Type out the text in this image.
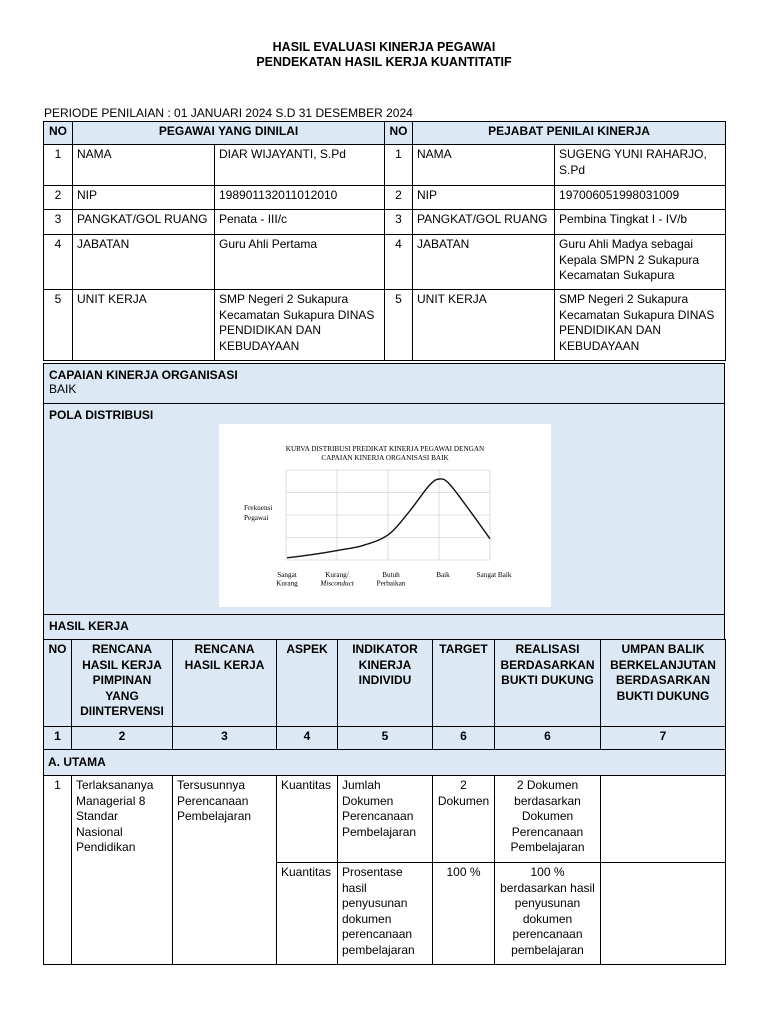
HASIL EVALUASI KINERJA PEGAWAI
PENDEKATAN HASIL KERJA KUANTITATIF
PERIODE PENILAIAN : 01 JANUARI 2024 S.D 31 DESEMBER 2024
NO	PEGAWAI YANG DINILAI		NO	PEJABAT PENILAI KINERJA	
1	NAMA	DIAR WIJAYANTI, S.Pd	1	NAMA	SUGENG YUNI RAHARJO, S.Pd
2	NIP	198901132011012010	2	NIP	197006051998031009
3	PANGKAT/GOL RUANG	Penata - III/c	3	PANGKAT/GOL RUANG	Pembina Tingkat I - IV/b
4	JABATAN	Guru Ahli Pertama	4	JABATAN	Guru Ahli Madya sebagai Kepala SMPN 2 Sukapura Kecamatan Sukapura
5	UNIT KERJA	SMP Negeri 2 Sukapura Kecamatan Sukapura DINAS PENDIDIKAN DAN KEBUDAYAAN	5	UNIT KERJA	SMP Negeri 2 Sukapura Kecamatan Sukapura DINAS PENDIDIKAN DAN KEBUDAYAAN
CAPAIAN KINERJA ORGANISASI
BAIK
POLA DISTRIBUSI
KURVA DISTRIBUSI PREDIKAT KINERJA PEGAWAI DENGAN
CAPAIAN KINERJA ORGANISASI BAIK
Frekuensi
Pegawai
Sangat
Kurang
Kurang/
Misconduct
Butuh
Perbaikan
Baik	Sangat Baik
HASIL KERJA
NO	RENCANA HASIL KERJA PIMPINAN YANG DIINTERVENSI	RENCANA HASIL KERJA	ASPEK	INDIKATOR KINERJA INDIVIDU	TARGET	REALISASI BERDASARKAN BUKTI DUKUNG	UMPAN BALIK BERKELANJUTAN BERDASARKAN BUKTI DUKUNG
1	2	3	4	5	6	6	7
A. UTAMA							
1	Terlaksananya Managerial 8 Standar Nasional Pendidikan	Tersusunnya Perencanaan Pembelajaran	Kuantitas	Jumlah Dokumen Perencanaan Pembelajaran	2 Dokumen	2 Dokumen berdasarkan Dokumen Perencanaan Pembelajaran	
			Kuantitas	Prosentase hasil penyusunan dokumen perencanaan pembelajaran	100 %	100 % berdasarkan hasil penyusunan dokumen perencanaan pembelajaran	
